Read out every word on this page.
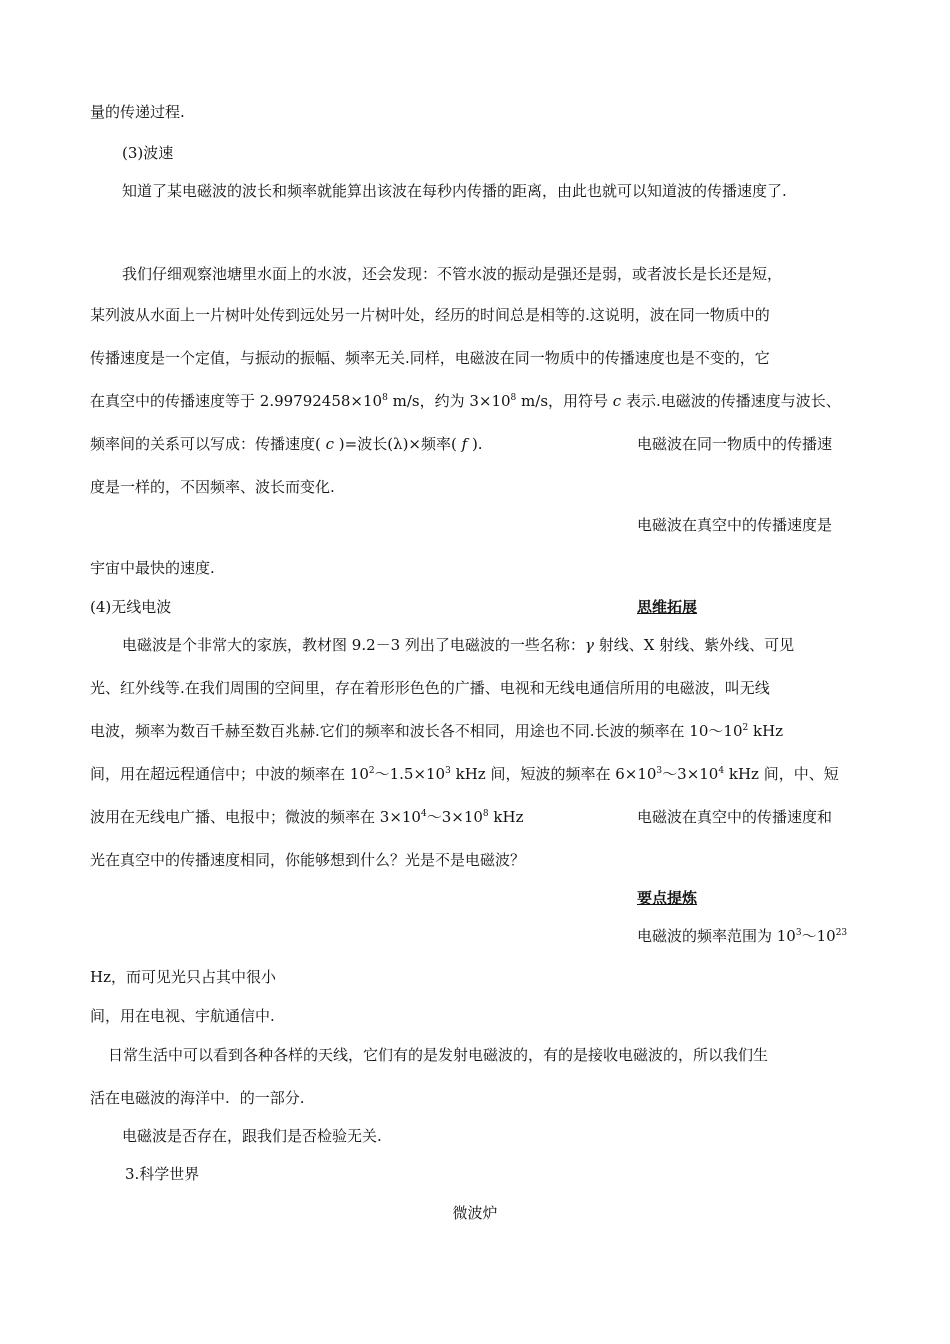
量的传递过程.
(3)波速
知道了某电磁波的波长和频率就能算出该波在每秒内传播的距离，由此也就可以知道波的传播速度了.
我们仔细观察池塘里水面上的水波，还会发现：不管水波的振动是强还是弱，或者波长是长还是短，
某列波从水面上一片树叶处传到远处另一片树叶处，经历的时间总是相等的.这说明，波在同一物质中的
传播速度是一个定值，与振动的振幅、频率无关.同样，电磁波在同一物质中的传播速度也是不变的，它
在真空中的传播速度等于 $2.99792458\times 10^8$ m/s，约为 $3\times 10^8$ m/s，用符号 c 表示.电磁波的传播速度与波长、
频率间的关系可以写成：传播速度( c )=波长(λ)×频率( f ).	电磁波在同一物质中的传播速
度是一样的，不因频率、波长而变化.
电磁波在真空中的传播速度是
宇宙中最快的速度.
(4)无线电波	思维拓展
电磁波是个非常大的家族，教材图 9.2－3 列出了电磁波的一些名称：γ 射线、X 射线、紫外线、可见
光、红外线等.在我们周围的空间里，存在着形形色色的广播、电视和无线电通信所用的电磁波，叫无线
电波，频率为数百千赫至数百兆赫.它们的频率和波长各不相同，用途也不同.长波的频率在 $10\sim 10^2$ kHz
间，用在超远程通信中；中波的频率在 $10^2\sim 1.5\times 10^3$ kHz 间，短波的频率在 $6\times 10^3\sim 3\times 10^4$ kHz 间，中、短
波用在无线电广播、电报中；微波的频率在 $3\times 10^4\sim 3\times 10^8$ kHz	电磁波在真空中的传播速度和
光在真空中的传播速度相同，你能够想到什么？光是不是电磁波？
要点提炼
电磁波的频率范围为 $10^3\sim 10^{23}$
Hz，而可见光只占其中很小
间，用在电视、宇航通信中.
日常生活中可以看到各种各样的天线，它们有的是发射电磁波的，有的是接收电磁波的，所以我们生
活在电磁波的海洋中. 的一部分.
电磁波是否存在，跟我们是否检验无关.
3.科学世界
微波炉
